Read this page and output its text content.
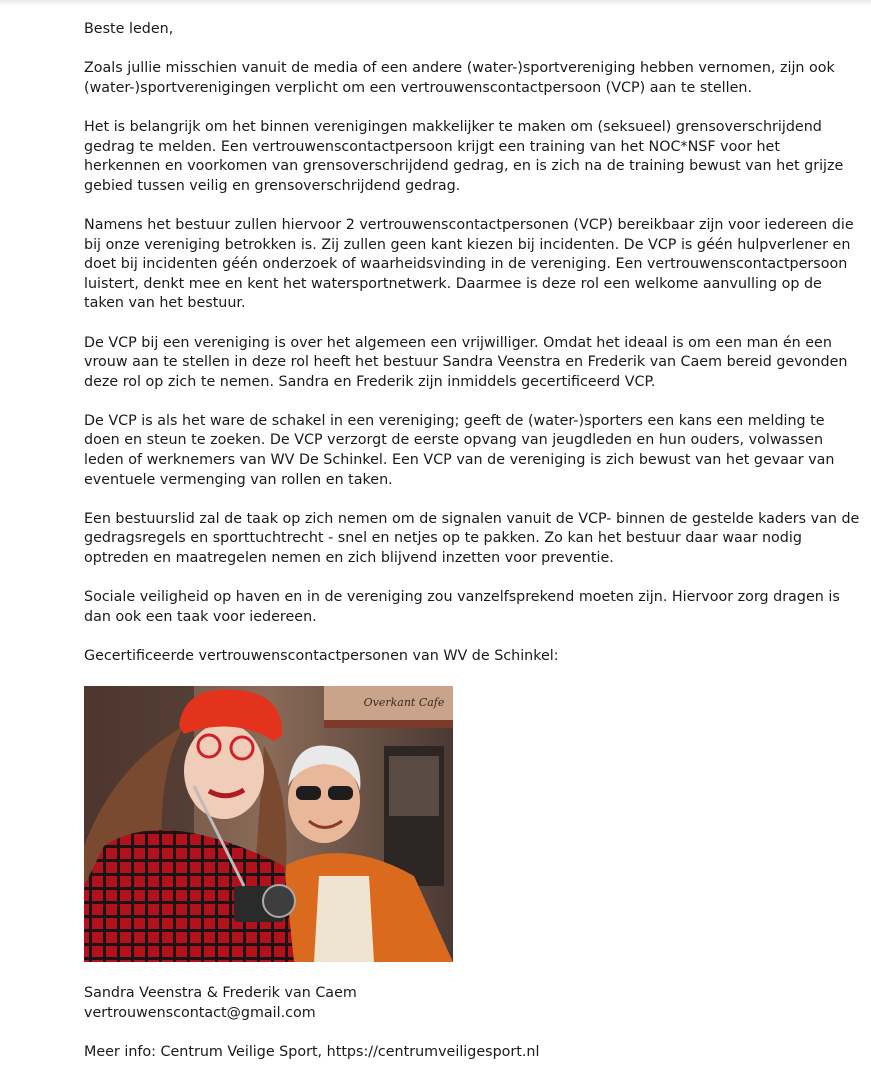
Beste leden,

Zoals jullie misschien vanuit de media of een andere (water-)sportvereniging hebben vernomen, zijn ook
(water-)sportverenigingen verplicht om een vertrouwenscontactpersoon (VCP) aan te stellen.

Het is belangrijk om het binnen verenigingen makkelijker te maken om (seksueel) grensoverschrijdend
gedrag te melden. Een vertrouwenscontactpersoon krijgt een training van het NOC*NSF voor het
herkennen en voorkomen van grensoverschrijdend gedrag, en is zich na de training bewust van het grijze
gebied tussen veilig en grensoverschrijdend gedrag.

Namens het bestuur zullen hiervoor 2 vertrouwenscontactpersonen (VCP) bereikbaar zijn voor iedereen die
bij onze vereniging betrokken is. Zij zullen geen kant kiezen bij incidenten. De VCP is géén hulpverlener en
doet bij incidenten géén onderzoek of waarheidsvinding in de vereniging. Een vertrouwenscontactpersoon
luistert, denkt mee en kent het watersportnetwerk. Daarmee is deze rol een welkome aanvulling op de
taken van het bestuur.

De VCP bij een vereniging is over het algemeen een vrijwilliger. Omdat het ideaal is om een man én een
vrouw aan te stellen in deze rol heeft het bestuur Sandra Veenstra en Frederik van Caem bereid gevonden
deze rol op zich te nemen. Sandra en Frederik zijn inmiddels gecertificeerd VCP.

De VCP is als het ware de schakel in een vereniging; geeft de (water-)sporters een kans een melding te
doen en steun te zoeken. De VCP verzorgt de eerste opvang van jeugdleden en hun ouders, volwassen
leden of werknemers van WV De Schinkel. Een VCP van de vereniging is zich bewust van het gevaar van
eventuele vermenging van rollen en taken.

Een bestuurslid zal de taak op zich nemen om de signalen vanuit de VCP- binnen de gestelde kaders van de
gedragsregels en sporttuchtrecht - snel en netjes op te pakken. Zo kan het bestuur daar waar nodig
optreden en maatregelen nemen en zich blijvend inzetten voor preventie.

Sociale veiligheid op haven en in de vereniging zou vanzelfsprekend moeten zijn. Hiervoor zorg dragen is
dan ook een taak voor iedereen.

Gecertificeerde vertrouwenscontactpersonen van WV de Schinkel:

Overkant Cafe

Sandra Veenstra & Frederik van Caem

vertrouwenscontact@gmail.com

Meer info: Centrum Veilige Sport, https://centrumveiligesport.nl
